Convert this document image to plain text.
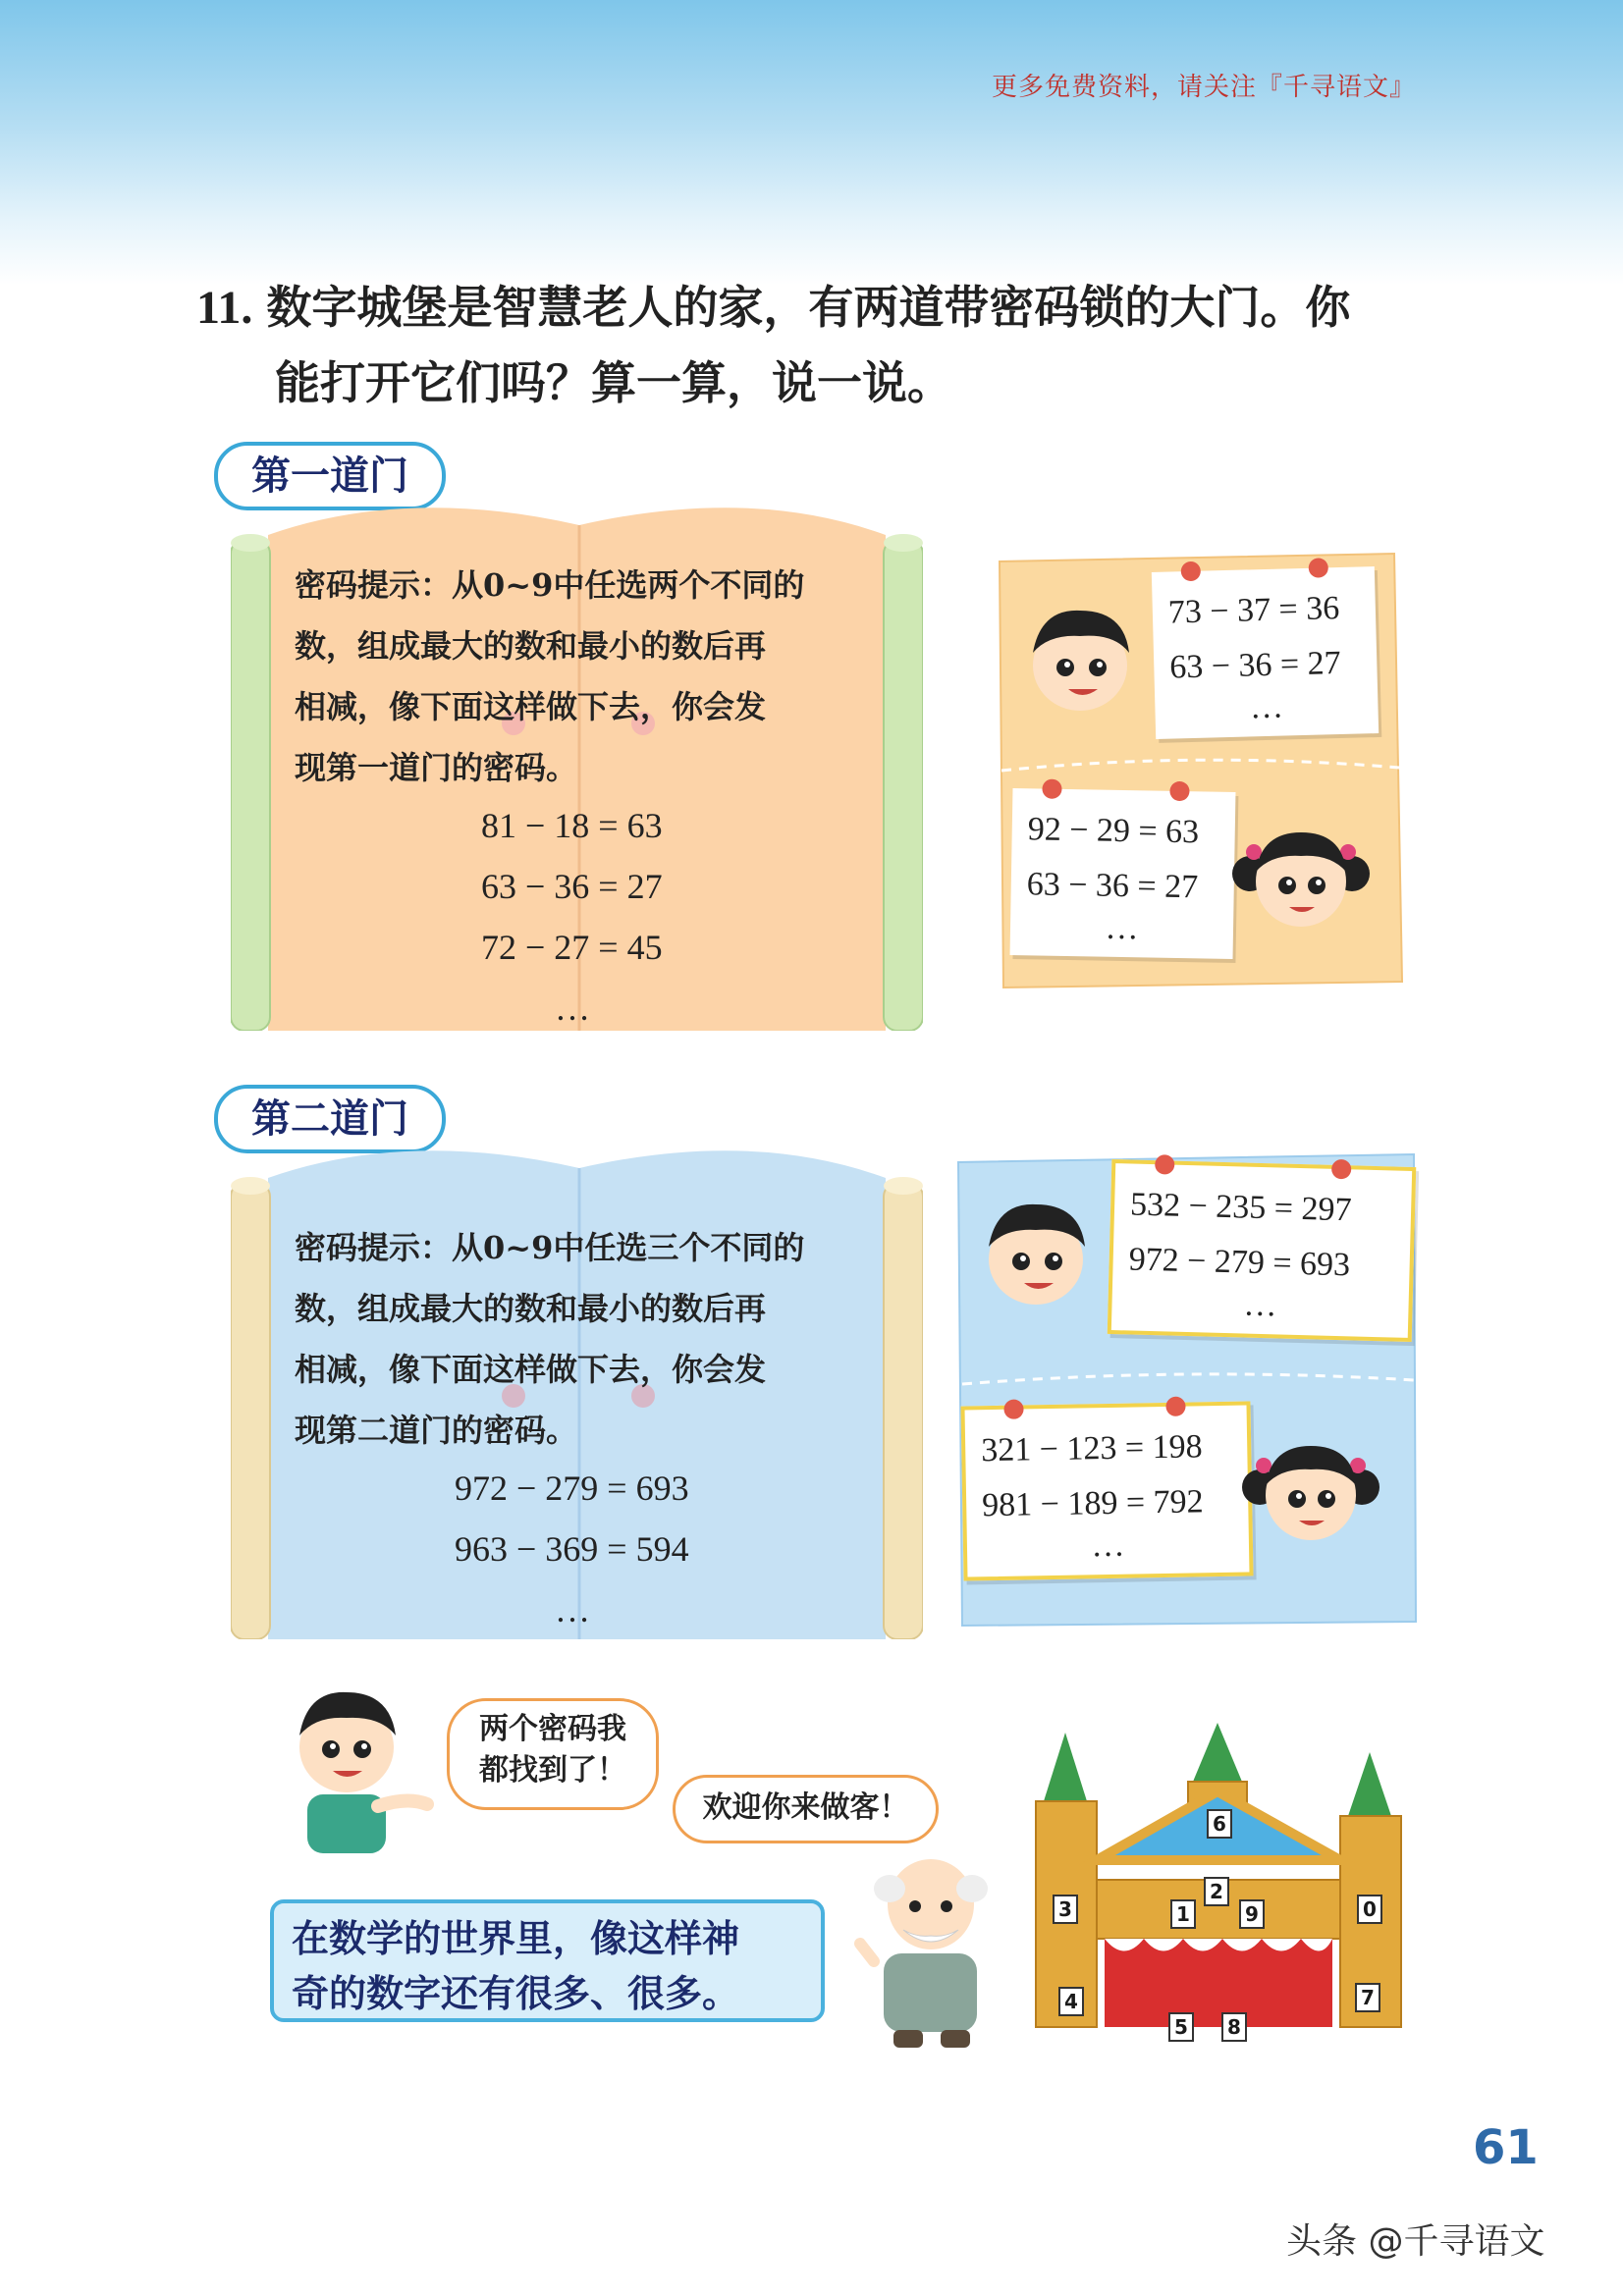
更多免费资料，请关注『千寻语文』
11. 数字城堡是智慧老人的家，有两道带密码锁的大门。你
能打开它们吗？算一算，说一说。
第一道门
密码提示：从0~9中任选两个不同的
数，组成最大的数和最小的数后再
相减，像下面这样做下去，你会发
现第一道门的密码。
81 − 18 = 63
63 − 36 = 27
72 − 27 = 45
…
73 − 37 = 36
63 − 36 = 27
…
92 − 29 = 63
63 − 36 = 27
…
第二道门
密码提示：从0~9中任选三个不同的
数，组成最大的数和最小的数后再
相减，像下面这样做下去，你会发
现第二道门的密码。
972 − 279 = 693
963 − 369 = 594
…
532 − 235 = 297
972 − 279 = 693
…
321 − 123 = 198
981 − 189 = 792
…
两个密码我
都找到了！
欢迎你来做客！
在数学的世界里，像这样神
奇的数字还有很多、很多。
6
1
2
9
3	0
4	7
5	8
61
头条 @千寻语文
